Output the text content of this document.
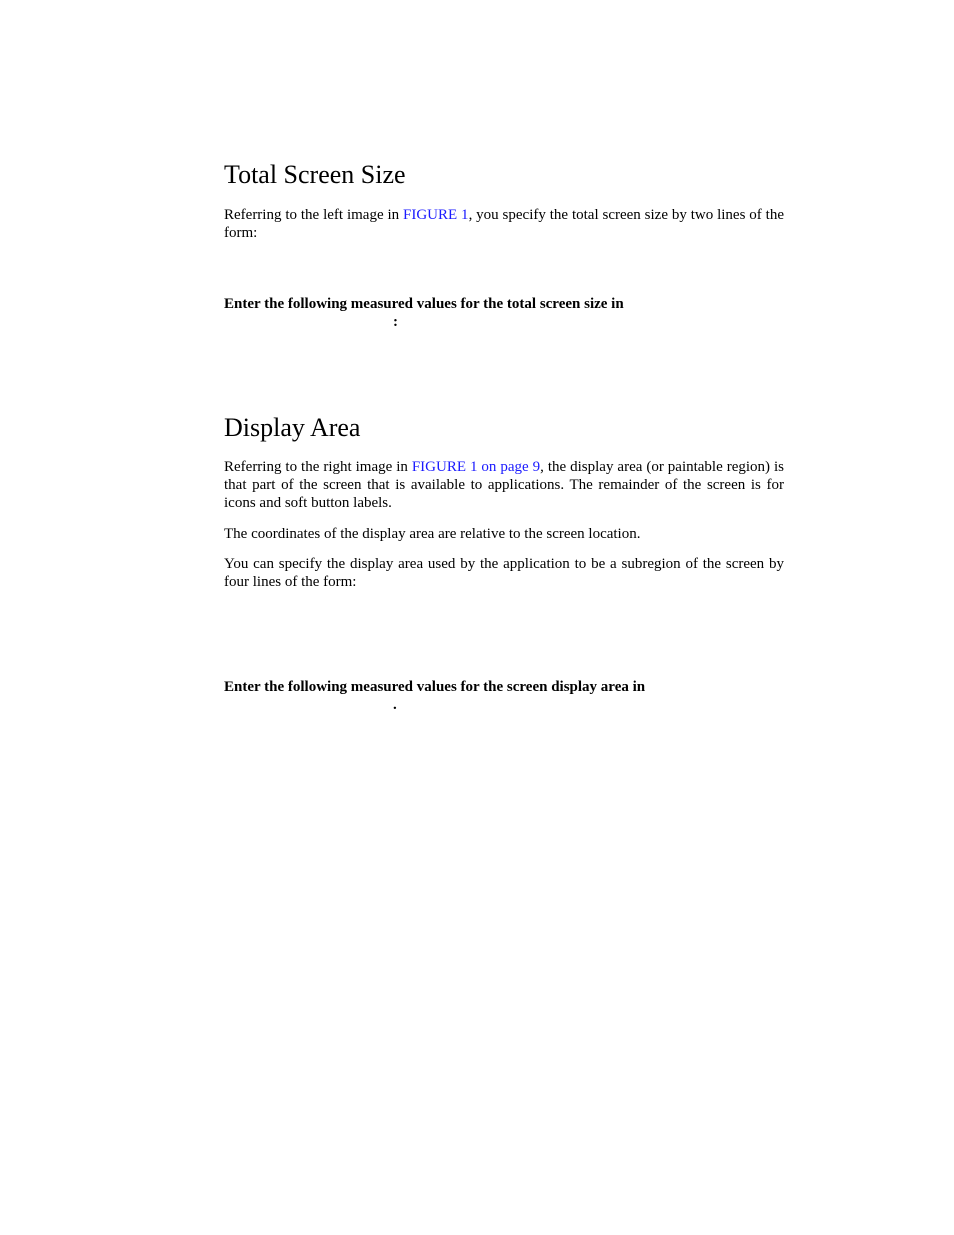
Total Screen Size

Referring to the left image in FIGURE 1, you specify the total screen size by two lines of the form:

Enter the following measured values for the total screen size in

:
Display Area

Referring to the right image in FIGURE 1 on page 9, the display area (or paintable region) is that part of the screen that is available to applications. The remainder of the screen is for icons and soft button labels.

The coordinates of the display area are relative to the screen location.

You can specify the display area used by the application to be a subregion of the screen by four lines of the form:

Enter the following measured values for the screen display area in

.
